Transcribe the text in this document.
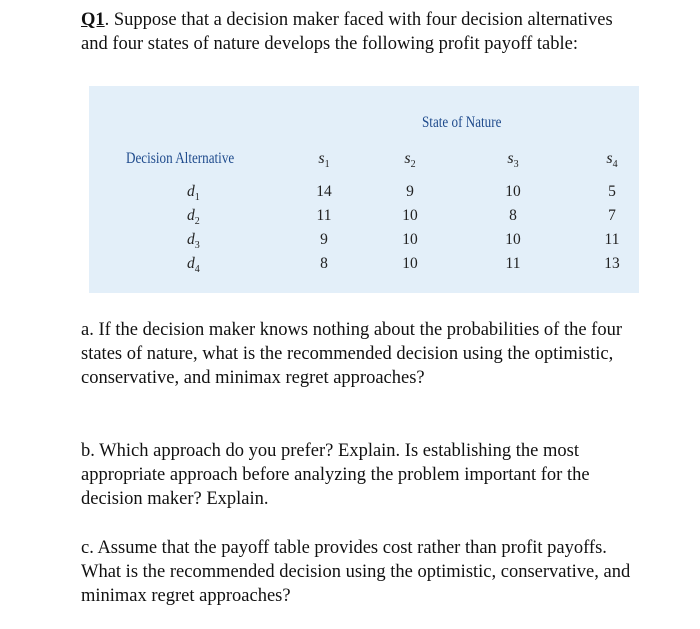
Q1. Suppose that a decision maker faced with four decision alternatives and four states of nature develops the following profit payoff table:
State of Nature
Decision Alternative	$s_1$	$s_2$	$s_3$	$s_4$
$d_1$	14	9	10	5
$d_2$	11	10	8	7
$d_3$	9	10	10	11
$d_4$	8	10	11	13
a. If the decision maker knows nothing about the probabilities of the four states of nature, what is the recommended decision using the optimistic, conservative, and minimax regret approaches?
b. Which approach do you prefer? Explain. Is establishing the most appropriate approach before analyzing the problem important for the decision maker? Explain.
c. Assume that the payoff table provides cost rather than profit payoffs. What is the recommended decision using the optimistic, conservative, and minimax regret approaches?
